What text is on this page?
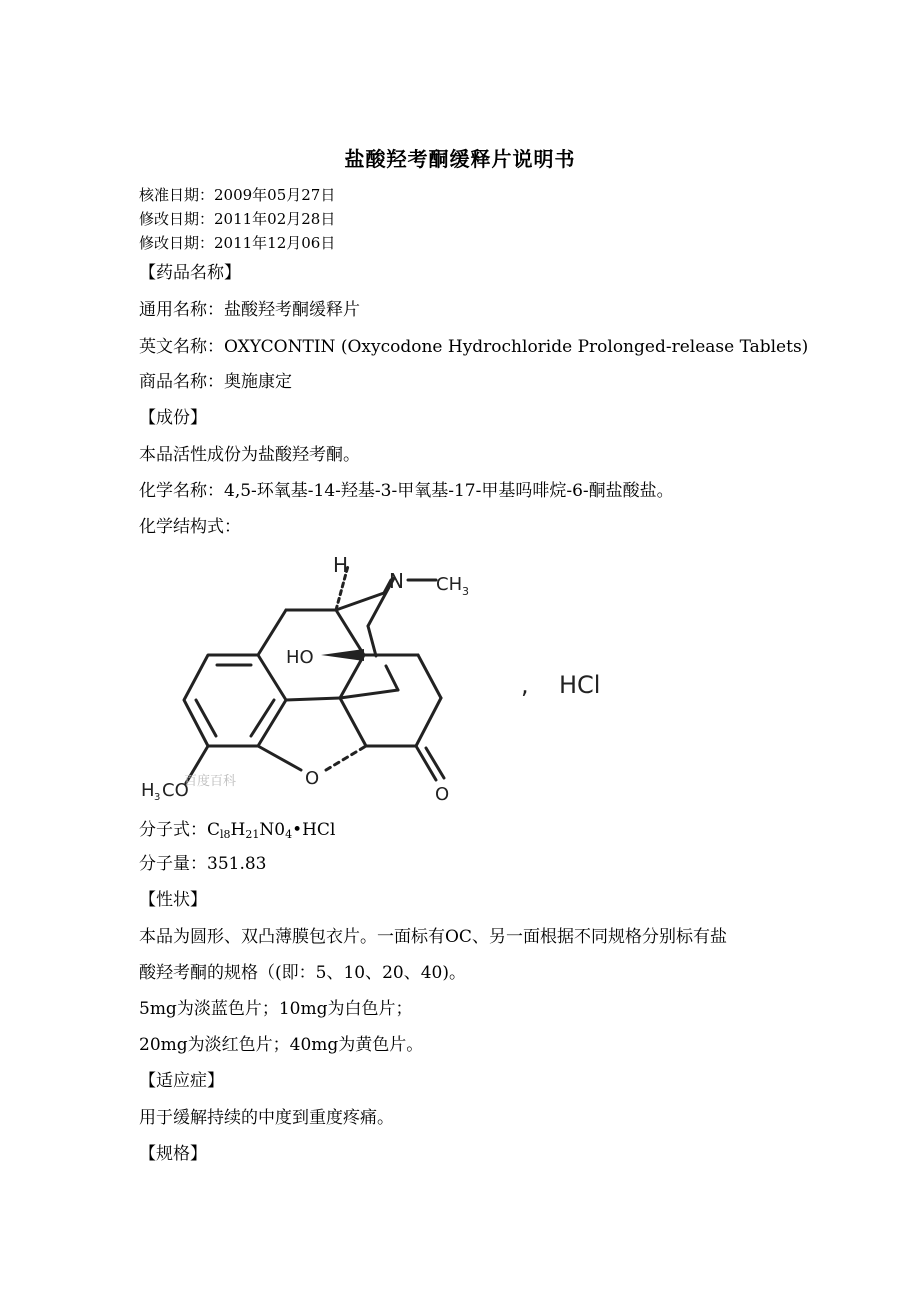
盐酸羟考酮缓释片说明书
核准日期：2009年05月27日
修改日期：2011年02月28日
修改日期：2011年12月06日
【药品名称】
通用名称：盐酸羟考酮缓释片
英文名称：OXYCONTIN (Oxycodone Hydrochloride Prolonged-release Tablets)
商品名称：奥施康定
【成份】
本品活性成份为盐酸羟考酮。
化学名称：4,5-环氧基-14-羟基-3-甲氧基-17-甲基吗啡烷-6-酮盐酸盐。
化学结构式：
H
N CH 3
HO
O
O
H 3 CO
, HCl
百度百科
分子式：$C_{l8}H_{21}N0_4•HCl$
分子量：351.83
【性状】
本品为圆形、双凸薄膜包衣片。一面标有OC、另一面根据不同规格分别标有盐
酸羟考酮的规格（(即：5、10、20、40)。
5mg为淡蓝色片；10mg为白色片；
20mg为淡红色片；40mg为黄色片。
【适应症】
用于缓解持续的中度到重度疼痛。
【规格】
